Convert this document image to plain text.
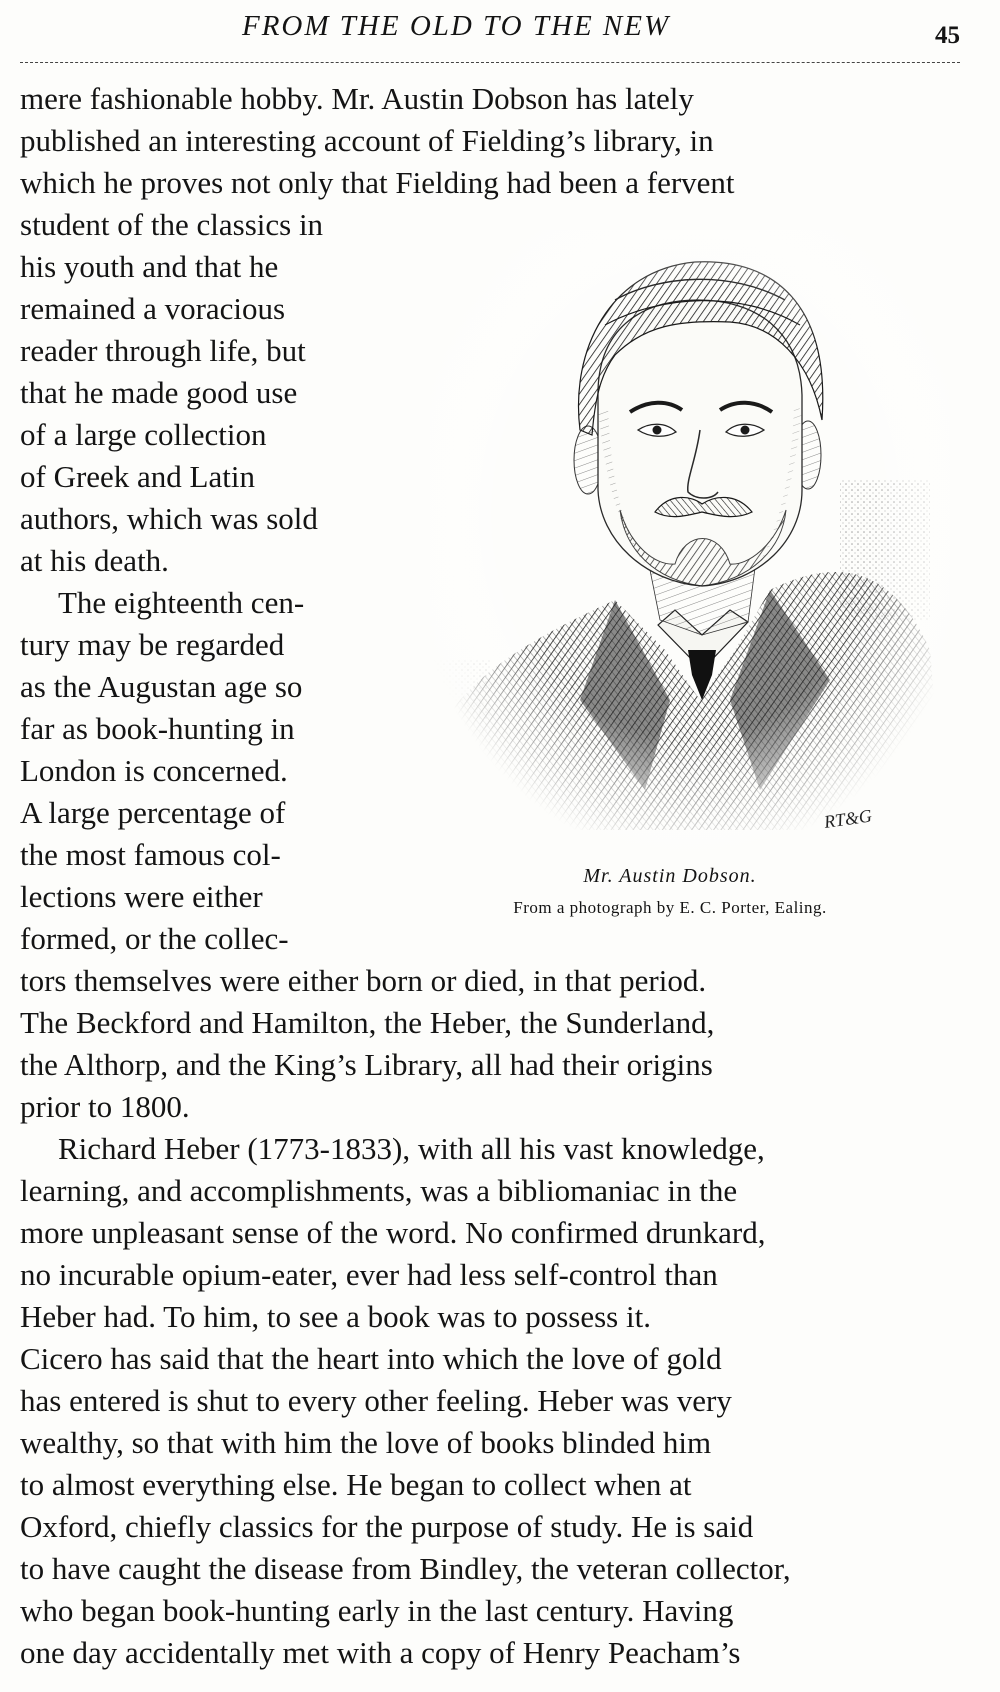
FROM THE OLD TO THE NEW	45
mere fashionable hobby. Mr. Austin Dobson has lately
published an interesting account of Fielding’s library, in
which he proves not only that Fielding had been a fervent
student of the classics in
his youth and that he
remained a voracious
reader through life, but
that he made good use
of a large collection
of Greek and Latin
authors, which was sold
at his death.
The eighteenth cen-
tury may be regarded
as the Augustan age so
far as book-hunting in
London is concerned.
A large percentage of
the most famous col-
lections were either
formed, or the collec-
tors themselves were either born or died, in that period.
The Beckford and Hamilton, the Heber, the Sunderland,
the Althorp, and the King’s Library, all had their origins
prior to 1800.
Richard Heber (1773-1833), with all his vast knowledge,
learning, and accomplishments, was a bibliomaniac in the
more unpleasant sense of the word. No confirmed drunkard,
no incurable opium-eater, ever had less self-control than
Heber had. To him, to see a book was to possess it.
Cicero has said that the heart into which the love of gold
has entered is shut to every other feeling. Heber was very
wealthy, so that with him the love of books blinded him
to almost everything else. He began to collect when at
Oxford, chiefly classics for the purpose of study. He is said
to have caught the disease from Bindley, the veteran collector,
who began book-hunting early in the last century. Having
one day accidentally met with a copy of Henry Peacham’s
RT&G
Mr. Austin Dobson.
From a photograph by E. C. Porter, Ealing.
